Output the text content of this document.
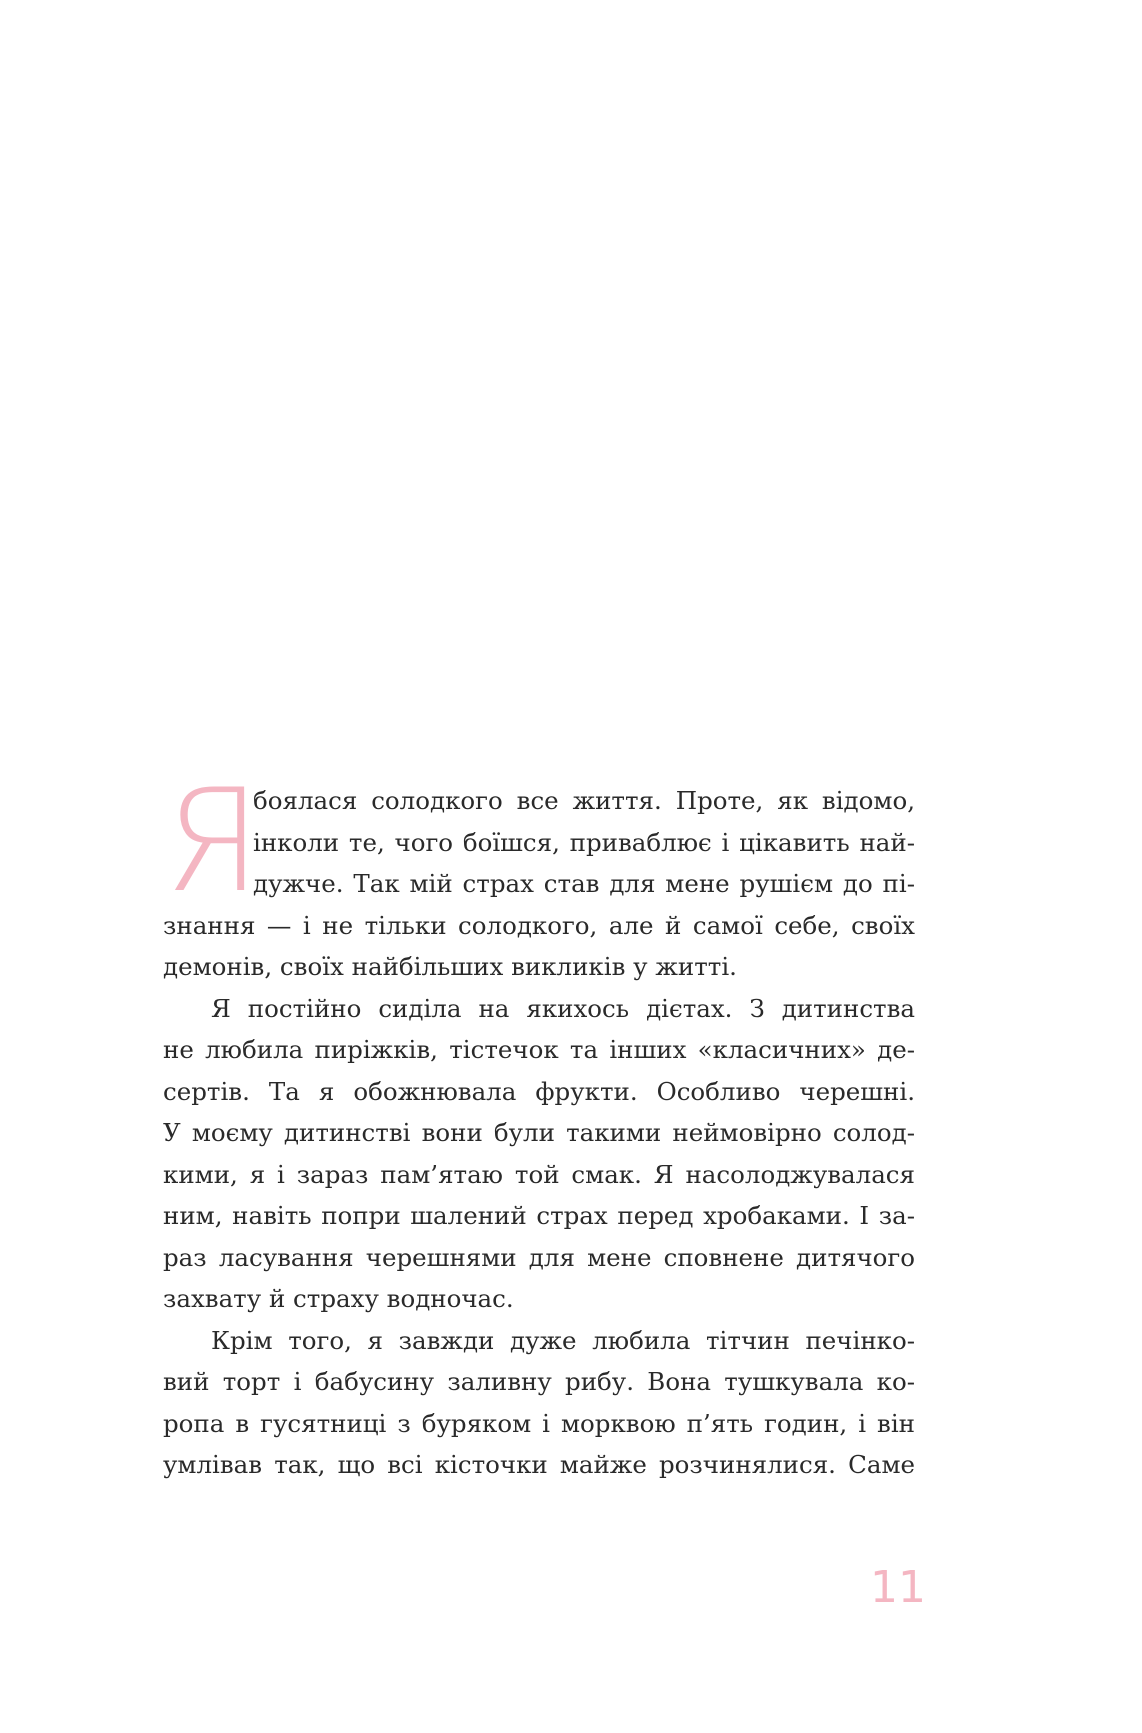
Я
боялася солодкого все життя. Проте, як відомо,
інколи те, чого боїшся, приваблює і цікавить най-
дужче. Так мій страх став для мене рушієм до пі-
знання — і не тільки солодкого, але й самої себе, своїх
демонів, своїх найбільших викликів у житті.
Я постійно сиділа на якихось дієтах. З дитинства
не любила пиріжків, тістечок та інших «класичних» де-
сертів. Та я обожнювала фрукти. Особливо черешні.
У моєму дитинстві вони були такими неймовірно солод-
кими, я і зараз пам’ятаю той смак. Я насолоджувалася
ним, навіть попри шалений страх перед хробаками. І за-
раз ласування черешнями для мене сповнене дитячого
захвату й страху водночас.
Крім того, я завжди дуже любила тітчин печінко-
вий торт і бабусину заливну рибу. Вона тушкувала ко-
ропа в гусятниці з буряком і морквою п’ять годин, і він
умлівав так, що всі кісточки майже розчинялися. Саме
11
